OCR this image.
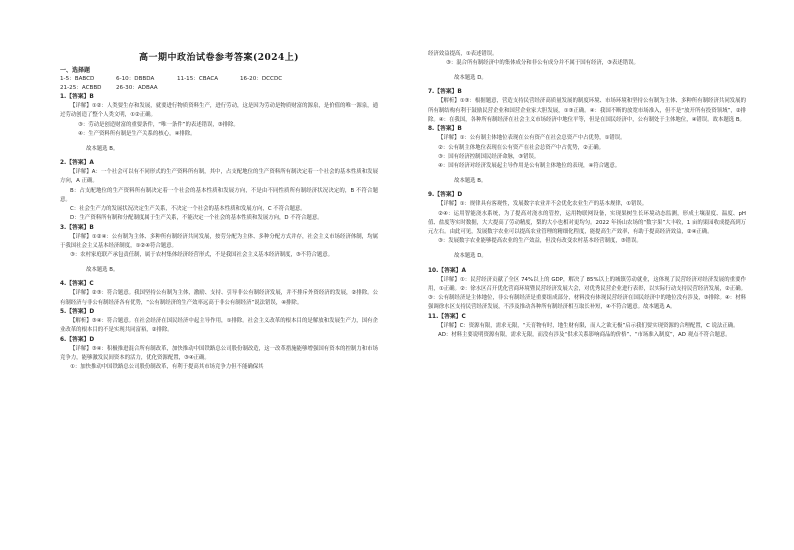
高一期中政治试卷参考答案(2024上)
一、选择题
1-5：BABCD	6-10：DBBDA	11-15：CBACA	16-20：DCCDC
21-25：ACBBD	26-30：ADBAA
1.【答案】B

【详解】①②：人类要生存和发展，就要进行物质资料生产，进行劳动，这是因为劳动是物质财富的源泉，是价值的唯一源泉，通过劳动创造了整个人类文明，①②正确。

③：劳动是创造财富的重要条件，“唯一条件”的表述错误，③排除。

④：生产资料所有制是生产关系的核心，④排除。

故本题选 B。

2.【答案】A

【详解】A：一个社会可以有不同形式的生产资料所有制，其中，占支配地位的生产资料所有制决定着一个社会的基本性质和发展方向，A 正确。

B：占支配地位的生产资料所有制决定着一个社会的基本性质和发展方向，不是由不同性质所有制经济状况决定的，B 不符合题意。

C：社会生产力的发展状况决定生产关系，不决定一个社会的基本性质和发展方向，C 不符合题意。

D：生产资料所有制和分配制度属于生产关系，不能决定一个社会的基本性质和发展方向，D 不符合题意。

3.【答案】B

【详解】①②④：公有制为主体、多种所有制经济共同发展，按劳分配为主体、多种分配方式并存，社会主义市场经济体制，均属于我国社会主义基本经济制度，①②④符合题意。

③：农村家庭联产承包责任制，属于农村集体经济经营形式，不是我国社会主义基本经济制度，③不符合题意。

故本题选 B。

4.【答案】C

【详解】②③：符合题意。我国坚持公有制为主体，激励、支持、引导非公有制经济发展，并不排斥外资经济的发展，②排除。公有制经济与非公有制经济各有优势，“公有制经济的生产效率远高于非公有制经济”说法错误，④排除。

5.【答案】D

【解析】③④：符合题意。在社会经济在国民经济中起主导作用，①排除。社会主义改革的根本目的是解放和发展生产力，国有企业改革的根本目的不是实现共同富裕，②排除。

6.【答案】D

【详解】③④：积极推进混合所有制改革，加快推动中国铁路总公司股份制改造，这一改革措施能够增强国有资本的控制力和市场竞争力，能够激发民间资本的活力，优化资源配置，③④正确。

①：加快推动中国铁路总公司股份制改革，有利于提高其市场竞争力但不能确保其

经济效益提高，①表述错误。

③：混合所有制经济中的集体成分和非公有成分并不属于国有经济，③表述错误。

故本题选 D。

7.【答案】B

【解析】①③：根据题意，营造支持民营经济高质量发展的制度环境、市场环境和坚持公有制为主体、多种所有制经济共同发展的所有制结构有利于鼓励民营企业和国营企业家大胆发展，①③正确。④：我国不断的放宽市场准入，但不是“放开所有投资领域”，②排除。④：在我国，各种所有制经济在社会主义市场经济中地位平等，但是在国民经济中，公有制处于主体地位，④错误。故本题选 B。

8.【答案】B

【详解】①：公有制主体地位表现在公有资产在社会总资产中占优势，①错误。

②：公有制主体地位表现在公有资产在社会总资产中占优势，②正确。

③：国有经济控制国民经济命脉，③错误。

④：国有经济对经济发展起主导作用是公有制主体地位的表现，④符合题意。

故本题选 B。

9.【答案】D

【详解】①：规律具有客观性，发展数字农业并不会优化农业生产的基本规律，①错误。

②④：运用智能浇水系统，为了提高对浇水的管控，运用物联网设备，实现果树生长环境动态监测，形成土壤湿度、温度、pH 值、盐度等实时数据，大大提高了劳动精度，梨的大小也相对更均匀。2022 年扬山农场的“数字果”大丰收，1 亩的果园收成提高到万元左右。由此可见，发展数字农业可以提高农业管理的精细化程度，能提高生产效率，有助于提高经济效益，②④正确。

③：发展数字农业能够提高农业的生产效益，但没有改变农村基本经营制度，③错误。

故本题选 D。

10.【答案】A

【详解】①：民营经济贡献了全区 74%以上的 GDP，解决了 85%以上的城镇劳动就业，这体现了民营经济对经济发展的重要作用，①正确。②：徐水区召开优化营商环境暨民营经济发展大会，对优秀民营企业进行表彰，以实际行动支持民营经济发展，②正确。③：公有制经济是主体地位，非公有制经济是重要组成部分，材料没有体现民营经济在国民经济中的地位没有涉及，③排除。④：材料强调徐水区支持民营经济发展，不涉及推动各种所有制经济相互取长补短，④不符合题意。故本题选 A。

11.【答案】C

【详解】C：资源有限，需求无限，“天育物有时，地生财有限，而人之欲无极”启示我们要实现资源的合理配置，C 说法正确。

AD：材料主要说明资源有限，需求无限，而没有涉及“供求关系影响商品的价格”、“市场准入制度”，AD 观点不符合题意。
